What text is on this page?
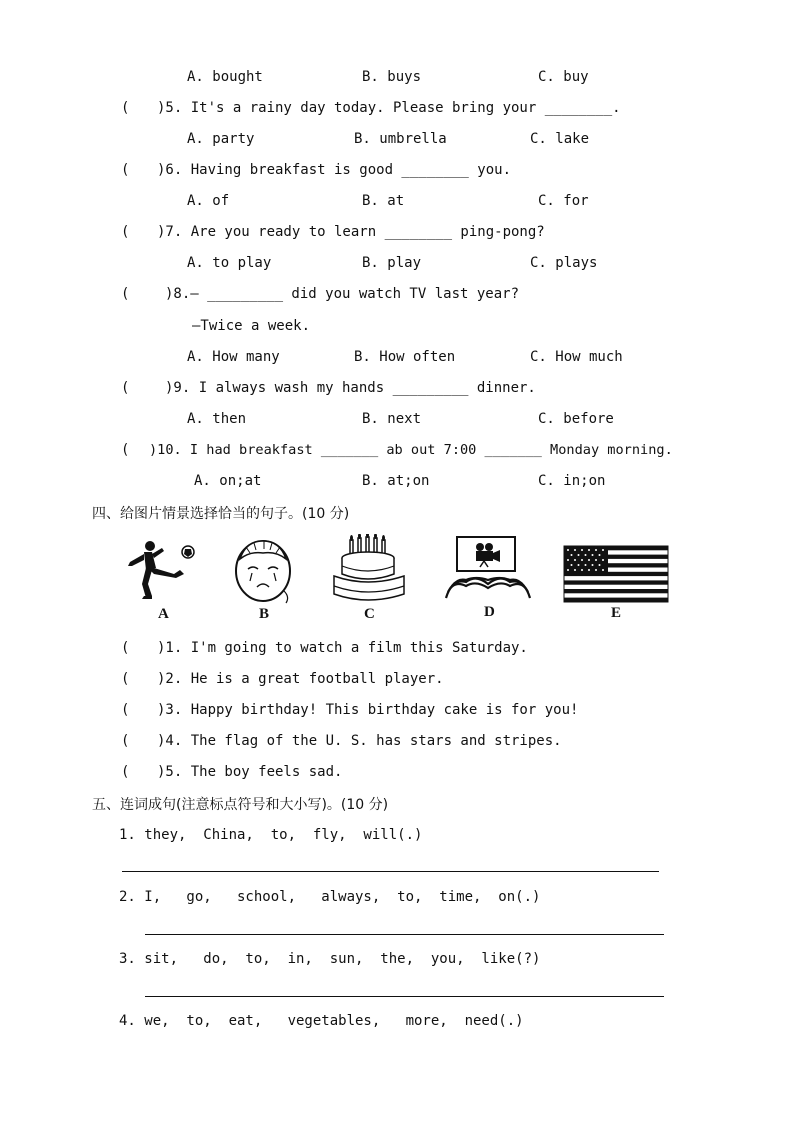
A. bought	B. buys	C. buy
( )5. It's a rainy day today. Please bring your ________.
A. party	B. umbrella	C. lake
( )6. Having breakfast is good ________ you.
A. of	B. at	C. for
( )7. Are you ready to learn ________ ping-pong?
A. to play	B. play	C. plays
(	)8.— _________ did you watch TV last year?
—Twice a week.
A. How many	B. How often	C. How much
(	)9. I always wash my hands _________ dinner.
A. then	B. next	C. before
( )10. I had breakfast _______ ab out 7:00 _______ Monday morning.
A. on;at	B. at;on	C. in;on
四、给图片情景选择恰当的句子。(10 分)
A	B	C	D	E
( )1. I'm going to watch a film this Saturday.
( )2. He is a great football player.
( )3. Happy birthday! This birthday cake is for you!
( )4. The flag of the U. S. has stars and stripes.
( )5. The boy feels sad.
五、连词成句(注意标点符号和大小写)。(10 分)
1. they,  China,  to,  fly,  will(.)
2. I,   go,   school,   always,  to,  time,  on(.)
3. sit,   do,  to,  in,  sun,  the,  you,  like(?)
4. we,  to,  eat,   vegetables,   more,  need(.)
